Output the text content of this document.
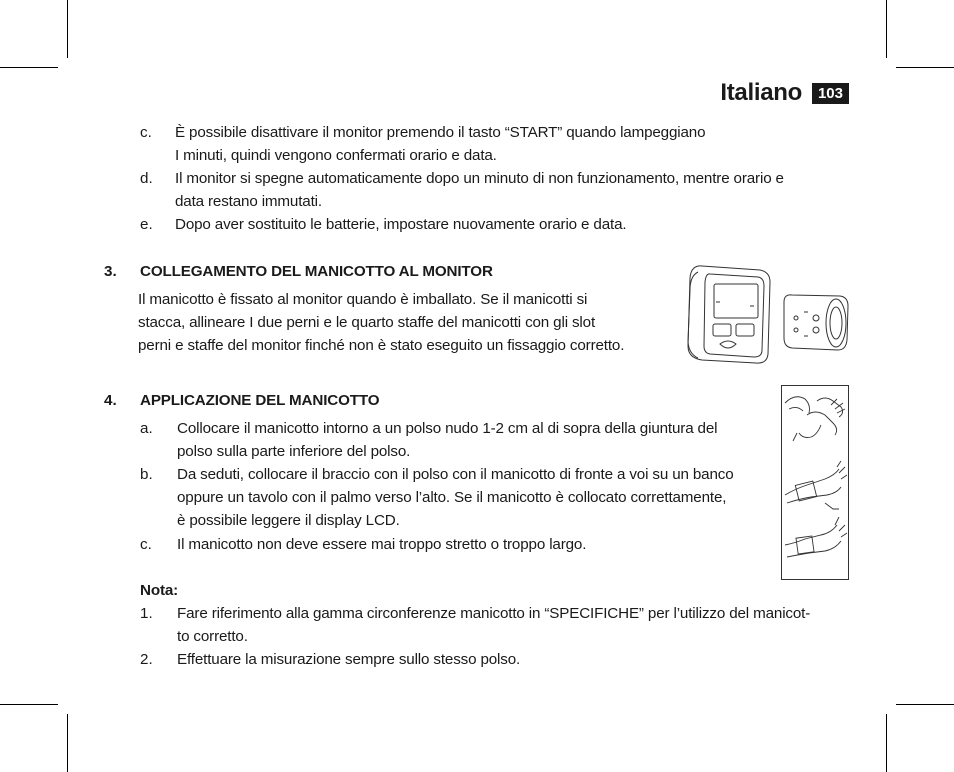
Italiano	103
c. È possibile disattivare il monitor premendo il tasto “START” quando lampeggiano
I minuti, quindi vengono confermati orario e data.
d. Il monitor si spegne automaticamente dopo un minuto di non funzionamento, mentre orario e
data restano immutati.
e. Dopo aver sostituito le batterie, impostare nuovamente orario e data.
3. COLLEGAMENTO DEL MANICOTTO AL MONITOR
Il manicotto è fissato al monitor quando è imballato. Se il manicotti si
stacca, allineare I due perni e le quarto staffe del manicotti con gli slot
perni e staffe del monitor finché non è stato eseguito un fissaggio corretto.
4. APPLICAZIONE DEL MANICOTTO
a. Collocare il manicotto intorno a un polso nudo 1-2 cm al di sopra della giuntura del
polso sulla parte inferiore del polso.
b. Da seduti, collocare il braccio con il polso con il manicotto di fronte a voi su un banco
oppure un tavolo con il palmo verso l’alto. Se il manicotto è collocato correttamente,
è possibile leggere il display LCD.
c. Il manicotto non deve essere mai troppo stretto o troppo largo.
Nota:
1. Fare riferimento alla gamma circonferenze manicotto in “SPECIFICHE” per l’utilizzo del manicot-
to corretto.
2. Effettuare la misurazione sempre sullo stesso polso.
